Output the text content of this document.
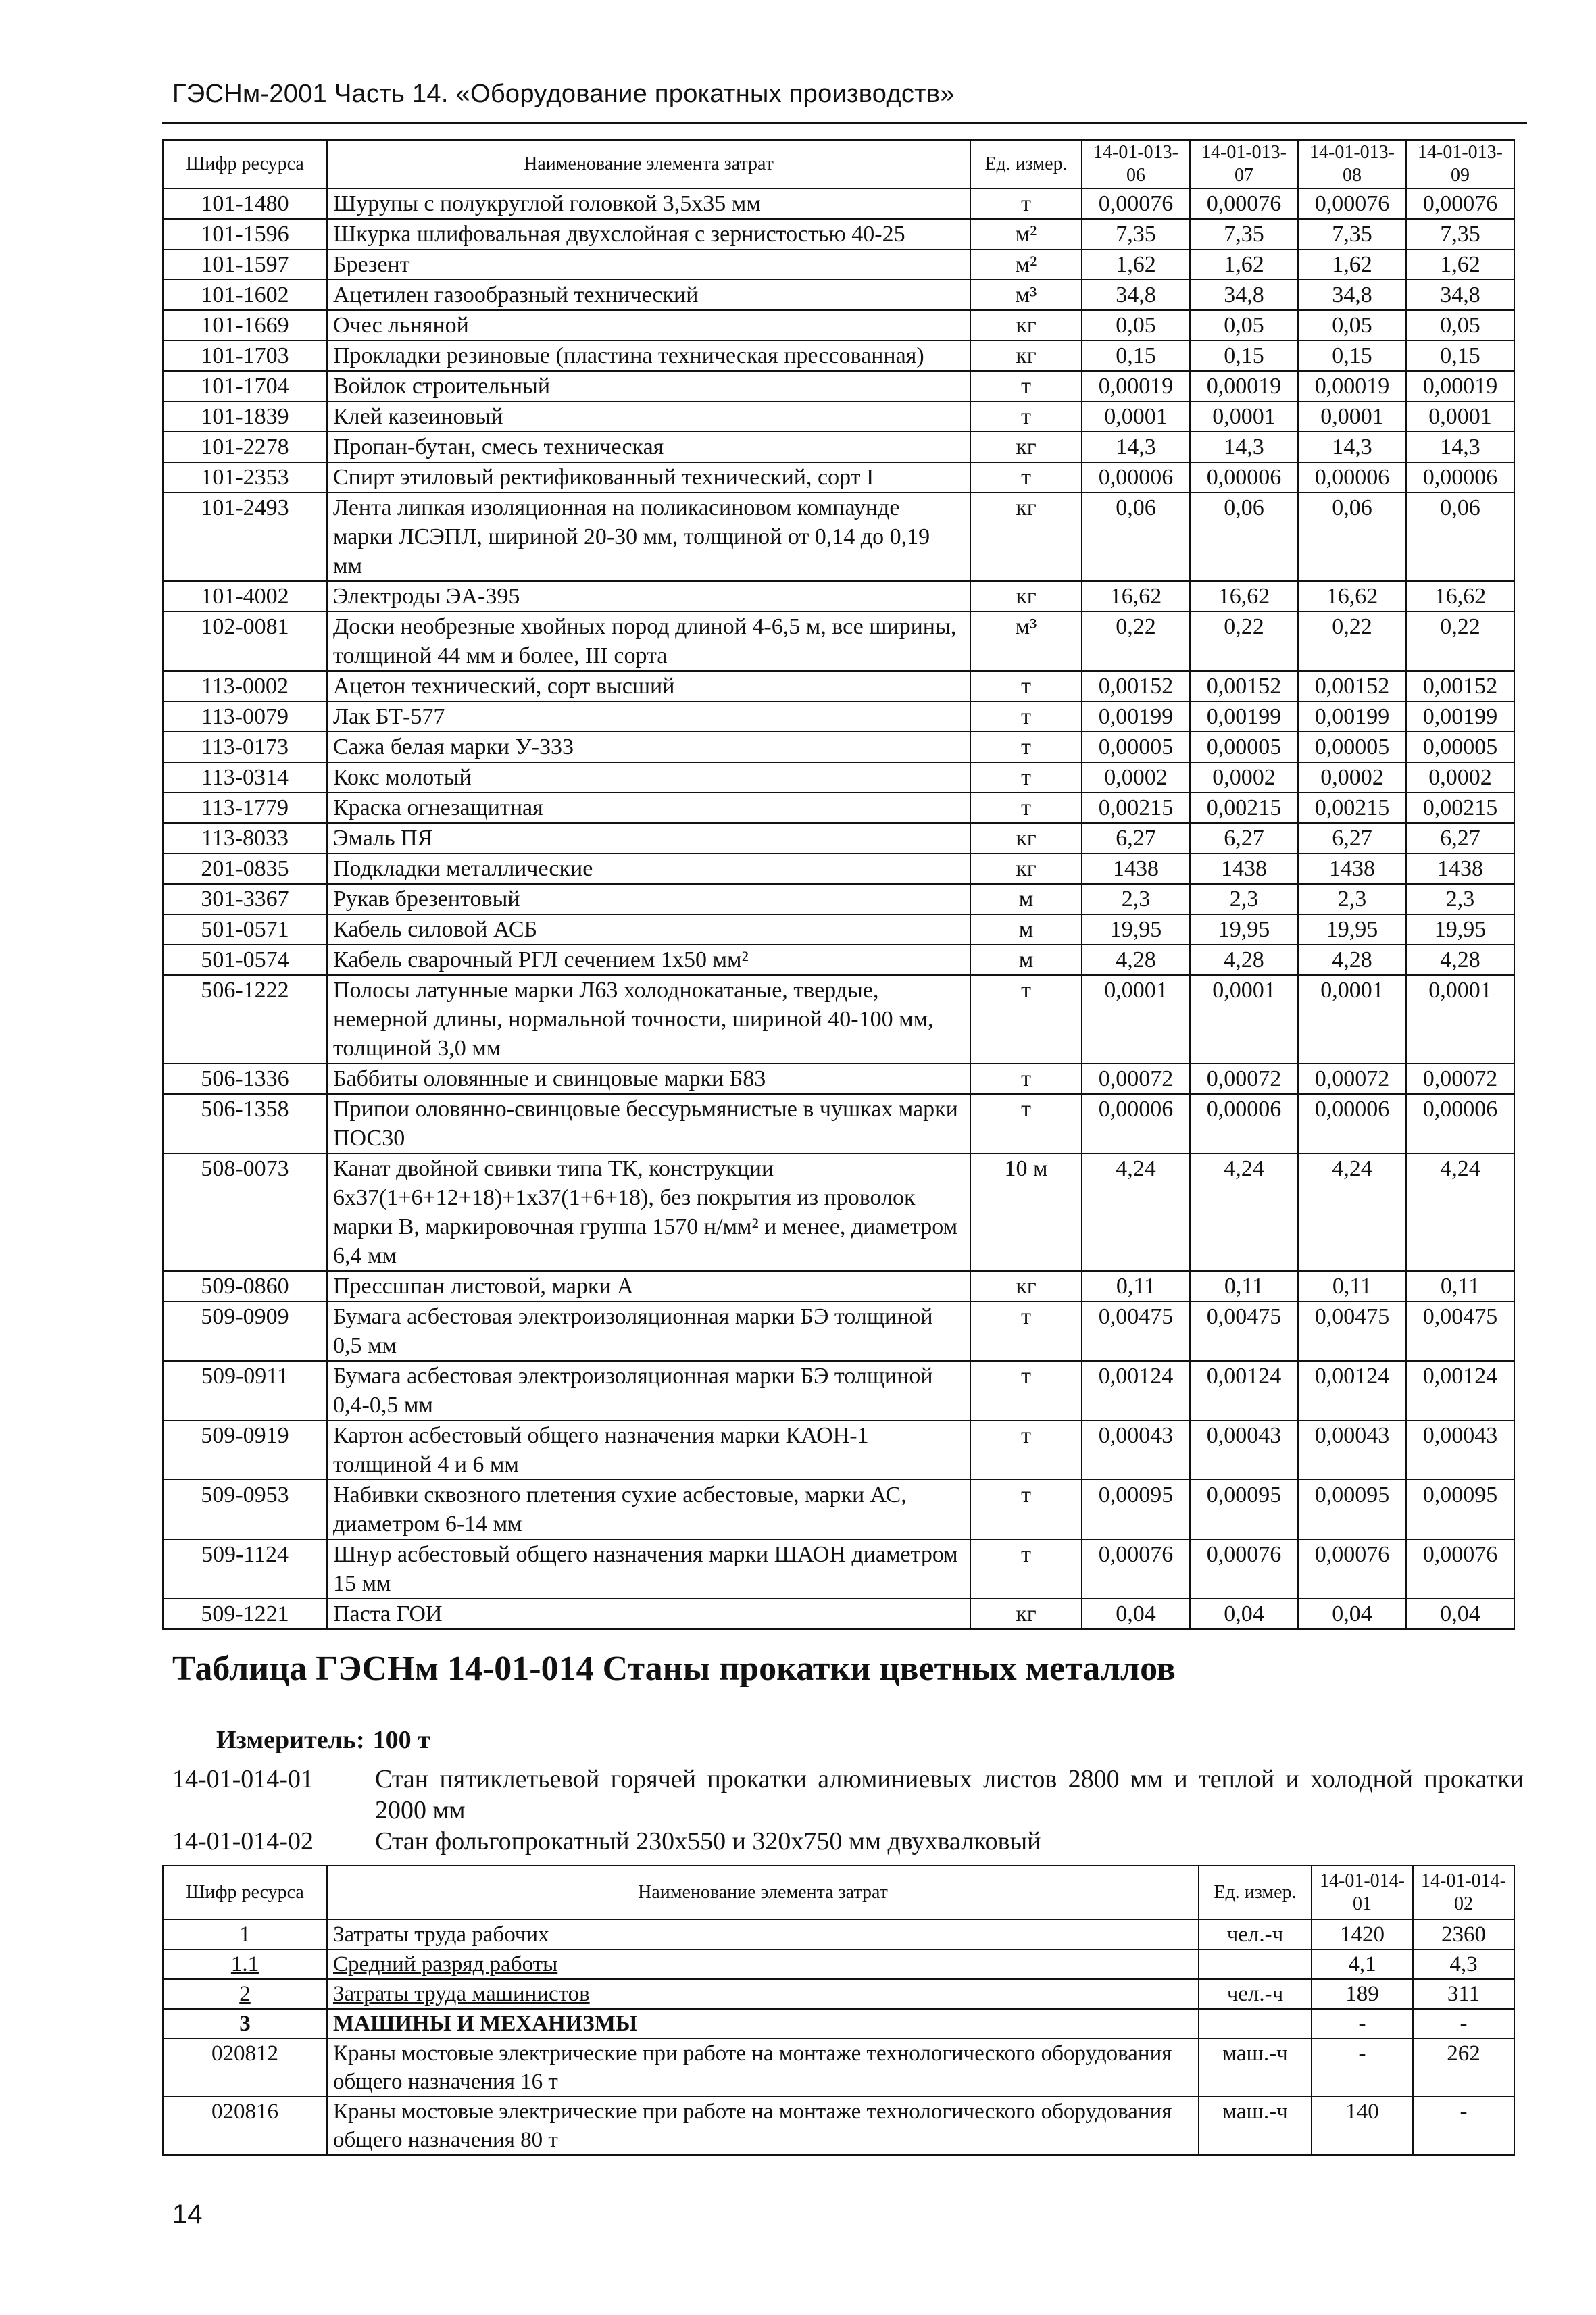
ГЭСНм-2001 Часть 14. «Оборудование прокатных производств»
Шифр ресурса	Наименование элемента затрат	Ед. измер.	14-01-013-06	14-01-013-07	14-01-013-08	14-01-013-09
101-1480	Шурупы с полукруглой головкой 3,5х35 мм	т	0,00076	0,00076	0,00076	0,00076
101-1596	Шкурка шлифовальная двухслойная с зернистостью 40-25	м²	7,35	7,35	7,35	7,35
101-1597	Брезент	м²	1,62	1,62	1,62	1,62
101-1602	Ацетилен газообразный технический	м³	34,8	34,8	34,8	34,8
101-1669	Очес льняной	кг	0,05	0,05	0,05	0,05
101-1703	Прокладки резиновые (пластина техническая прессованная)	кг	0,15	0,15	0,15	0,15
101-1704	Войлок строительный	т	0,00019	0,00019	0,00019	0,00019
101-1839	Клей казеиновый	т	0,0001	0,0001	0,0001	0,0001
101-2278	Пропан-бутан, смесь техническая	кг	14,3	14,3	14,3	14,3
101-2353	Спирт этиловый ректификованный технический, сорт I	т	0,00006	0,00006	0,00006	0,00006
101-2493	Лента липкая изоляционная на поликасиновом компаунде марки ЛСЭПЛ, шириной 20-30 мм, толщиной от 0,14 до 0,19 мм	кг	0,06	0,06	0,06	0,06
101-4002	Электроды ЭА-395	кг	16,62	16,62	16,62	16,62
102-0081	Доски необрезные хвойных пород длиной 4-6,5 м, все ширины, толщиной 44 мм и более, III сорта	м³	0,22	0,22	0,22	0,22
113-0002	Ацетон технический, сорт высший	т	0,00152	0,00152	0,00152	0,00152
113-0079	Лак БТ-577	т	0,00199	0,00199	0,00199	0,00199
113-0173	Сажа белая марки У-333	т	0,00005	0,00005	0,00005	0,00005
113-0314	Кокс молотый	т	0,0002	0,0002	0,0002	0,0002
113-1779	Краска огнезащитная	т	0,00215	0,00215	0,00215	0,00215
113-8033	Эмаль ПЯ	кг	6,27	6,27	6,27	6,27
201-0835	Подкладки металлические	кг	1438	1438	1438	1438
301-3367	Рукав брезентовый	м	2,3	2,3	2,3	2,3
501-0571	Кабель силовой АСБ	м	19,95	19,95	19,95	19,95
501-0574	Кабель сварочный РГЛ сечением 1х50 мм²	м	4,28	4,28	4,28	4,28
506-1222	Полосы латунные марки Л63 холоднокатаные, твердые, немерной длины, нормальной точности, шириной 40-100 мм, толщиной 3,0 мм	т	0,0001	0,0001	0,0001	0,0001
506-1336	Баббиты оловянные и свинцовые марки Б83	т	0,00072	0,00072	0,00072	0,00072
506-1358	Припои оловянно-свинцовые бессурьмянистые в чушках марки ПОС30	т	0,00006	0,00006	0,00006	0,00006
508-0073	Канат двойной свивки типа ТК, конструкции 6х37(1+6+12+18)+1х37(1+6+18), без покрытия из проволок марки В, маркировочная группа 1570 н/мм² и менее, диаметром 6,4 мм	10 м	4,24	4,24	4,24	4,24
509-0860	Прессшпан листовой, марки А	кг	0,11	0,11	0,11	0,11
509-0909	Бумага асбестовая электроизоляционная марки БЭ толщиной 0,5 мм	т	0,00475	0,00475	0,00475	0,00475
509-0911	Бумага асбестовая электроизоляционная марки БЭ толщиной 0,4-0,5 мм	т	0,00124	0,00124	0,00124	0,00124
509-0919	Картон асбестовый общего назначения марки КАОН-1 толщиной 4 и 6 мм	т	0,00043	0,00043	0,00043	0,00043
509-0953	Набивки сквозного плетения сухие асбестовые, марки АС, диаметром 6-14 мм	т	0,00095	0,00095	0,00095	0,00095
509-1124	Шнур асбестовый общего назначения марки ШАОН диаметром 15 мм	т	0,00076	0,00076	0,00076	0,00076
509-1221	Паста ГОИ	кг	0,04	0,04	0,04	0,04
Таблица ГЭСНм 14-01-014 Станы прокатки цветных металлов
Измеритель: 100 т
14-01-014-01	Стан пятиклетьевой горячей прокатки алюминиевых листов 2800 мм и теплой и холодной прокатки 2000 мм
14-01-014-02	Стан фольгопрокатный 230х550 и 320х750 мм двухвалковый
Шифр ресурса	Наименование элемента затрат	Ед. измер.	14-01-014-01	14-01-014-02
1	Затраты труда рабочих	чел.-ч	1420	2360
1.1	Средний разряд работы		4,1	4,3
2	Затраты труда машинистов	чел.-ч	189	311
3	МАШИНЫ И МЕХАНИЗМЫ		-	-
020812	Краны мостовые электрические при работе на монтаже технологического оборудования общего назначения 16 т	маш.-ч	-	262
020816	Краны мостовые электрические при работе на монтаже технологического оборудования общего назначения 80 т	маш.-ч	140	-
14
